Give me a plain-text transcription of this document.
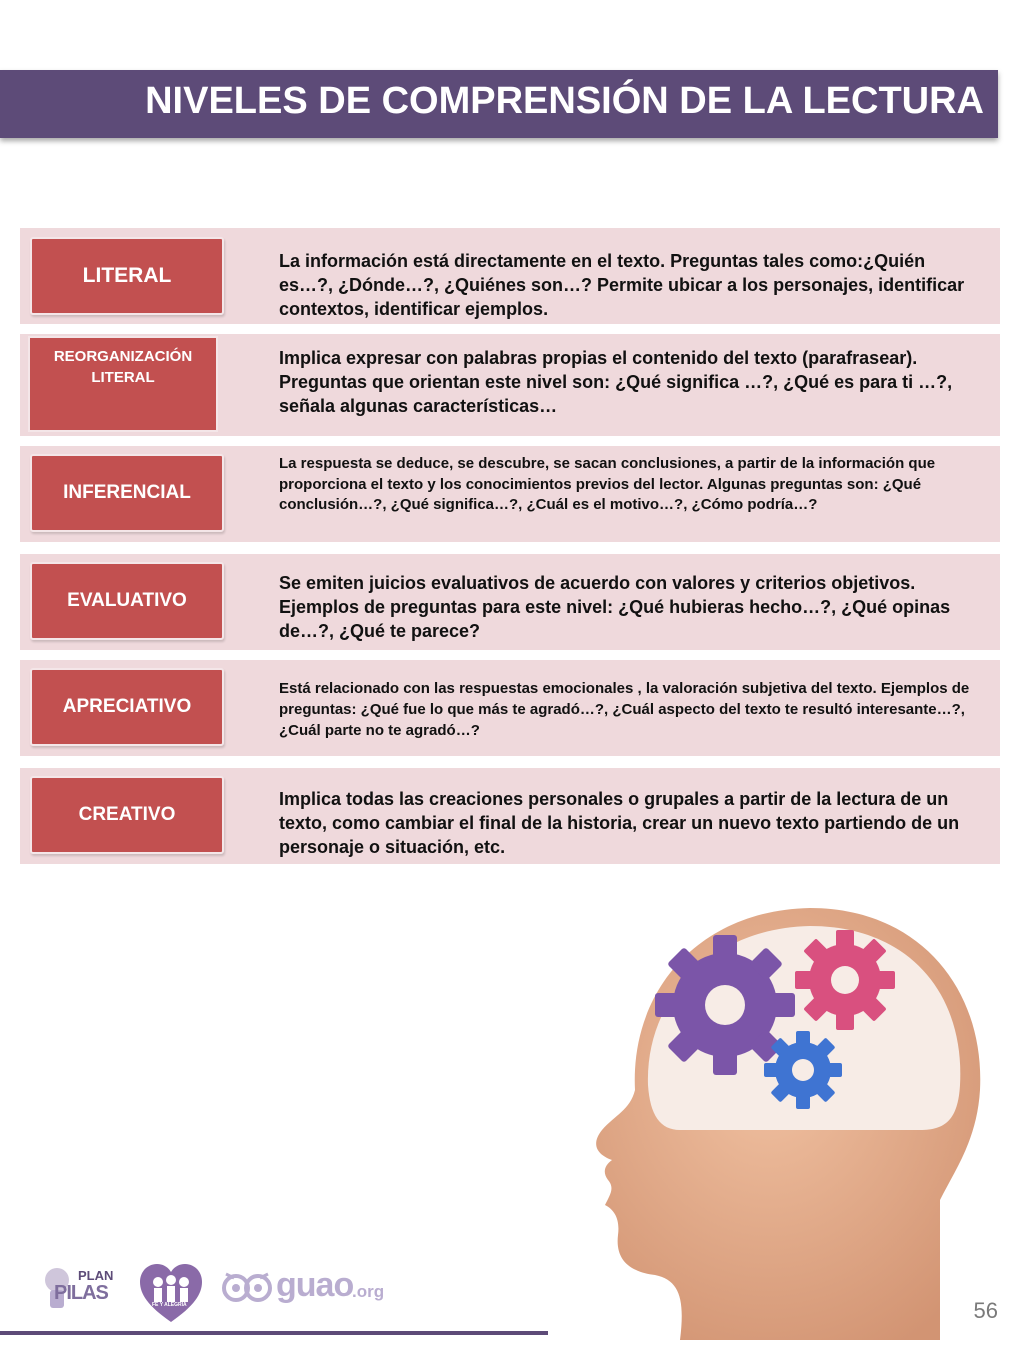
NIVELES DE COMPRENSIÓN DE LA LECTURA
LITERAL
La información está directamente en el texto. Preguntas tales como:¿Quién es…?, ¿Dónde…?, ¿Quiénes son…? Permite ubicar a los personajes, identificar contextos, identificar ejemplos.
REORGANIZACIÓN LITERAL
Implica expresar con palabras propias el contenido del texto (parafrasear). Preguntas que orientan este nivel son: ¿Qué significa …?, ¿Qué es para ti …?, señala algunas características…
INFERENCIAL
La respuesta se deduce, se descubre, se sacan conclusiones, a partir de la información que proporciona el texto y los conocimientos previos del lector. Algunas preguntas son: ¿Qué conclusión…?, ¿Qué significa…?, ¿Cuál es el motivo…?, ¿Cómo podría…?
EVALUATIVO
Se emiten juicios evaluativos de acuerdo con valores y criterios objetivos. Ejemplos de preguntas para este nivel: ¿Qué hubieras hecho…?, ¿Qué opinas de…?, ¿Qué te parece?
APRECIATIVO
Está relacionado con las respuestas emocionales , la valoración subjetiva del texto. Ejemplos de preguntas: ¿Qué fue lo que más te agradó…?, ¿Cuál aspecto del texto te resultó interesante…?, ¿Cuál parte no te agradó…?
CREATIVO
Implica todas las creaciones personales o grupales a partir de la lectura de un texto, como cambiar el final de la historia, crear un nuevo texto partiendo de un personaje o situación, etc.
PLAN
PILAS
FE Y ALEGRÍA
guao
.org
56
